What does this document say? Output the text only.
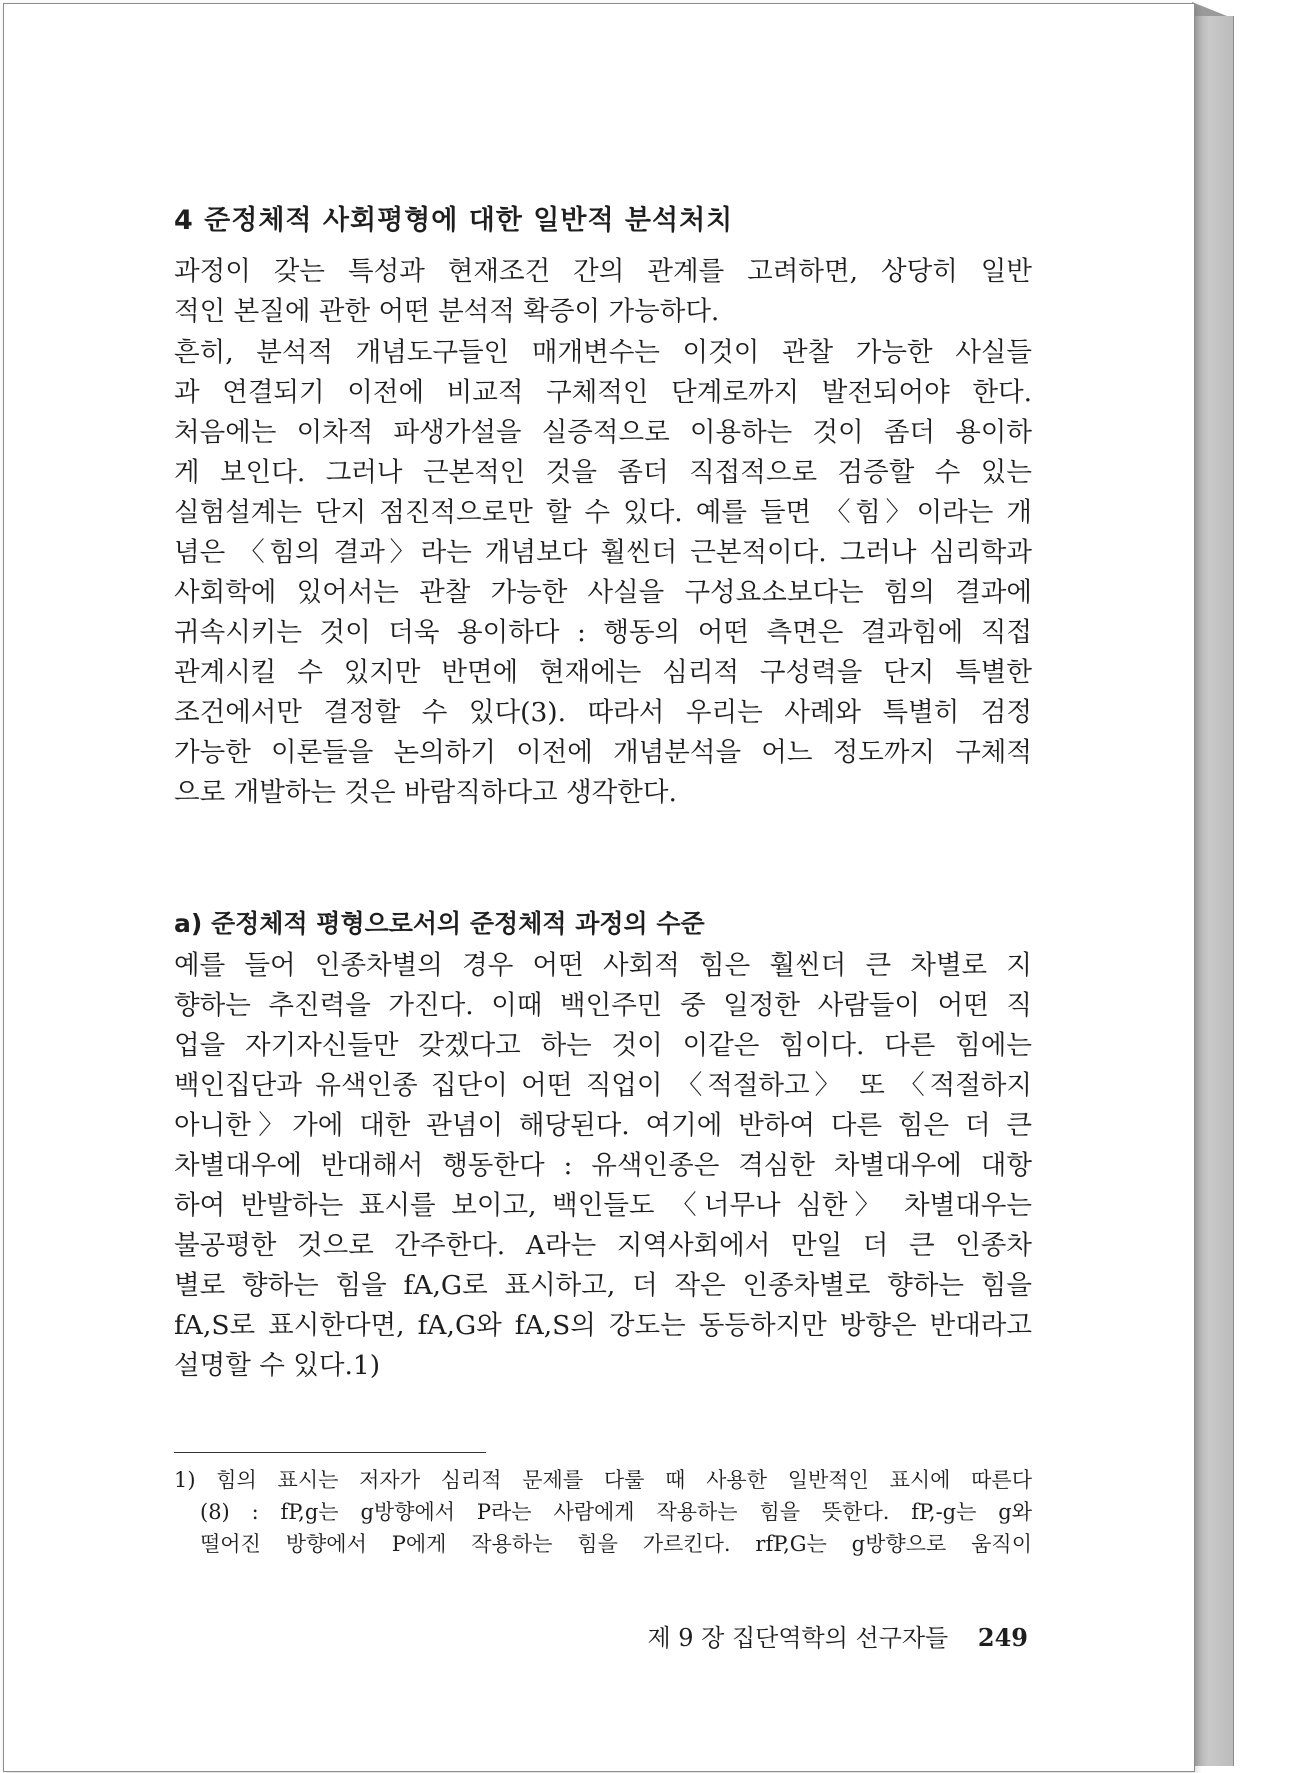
4 준정체적 사회평형에 대한 일반적 분석처치
과정이 갖는 특성과 현재조건 간의 관계를 고려하면, 상당히 일반
적인 본질에 관한 어떤 분석적 확증이 가능하다.
흔히, 분석적 개념도구들인 매개변수는 이것이 관찰 가능한 사실들
과 연결되기 이전에 비교적 구체적인 단계로까지 발전되어야 한다.
처음에는 이차적 파생가설을 실증적으로 이용하는 것이 좀더 용이하
게 보인다. 그러나 근본적인 것을 좀더 직접적으로 검증할 수 있는
실험설계는 단지 점진적으로만 할 수 있다. 예를 들면 〈힘〉이라는 개
념은 〈힘의 결과〉라는 개념보다 훨씬더 근본적이다. 그러나 심리학과
사회학에 있어서는 관찰 가능한 사실을 구성요소보다는 힘의 결과에
귀속시키는 것이 더욱 용이하다 : 행동의 어떤 측면은 결과힘에 직접
관계시킬 수 있지만 반면에 현재에는 심리적 구성력을 단지 특별한
조건에서만 결정할 수 있다(3). 따라서 우리는 사례와 특별히 검정
가능한 이론들을 논의하기 이전에 개념분석을 어느 정도까지 구체적
으로 개발하는 것은 바람직하다고 생각한다.
a) 준정체적 평형으로서의 준정체적 과정의 수준
예를 들어 인종차별의 경우 어떤 사회적 힘은 훨씬더 큰 차별로 지
향하는 추진력을 가진다. 이때 백인주민 중 일정한 사람들이 어떤 직
업을 자기자신들만 갖겠다고 하는 것이 이같은 힘이다. 다른 힘에는
백인집단과 유색인종 집단이 어떤 직업이 〈적절하고〉 또 〈적절하지
아니한〉가에 대한 관념이 해당된다. 여기에 반하여 다른 힘은 더 큰
차별대우에 반대해서 행동한다 : 유색인종은 격심한 차별대우에 대항
하여 반발하는 표시를 보이고, 백인들도 〈너무나 심한〉 차별대우는
불공평한 것으로 간주한다. A라는 지역사회에서 만일 더 큰 인종차
별로 향하는 힘을 fA,G로 표시하고, 더 작은 인종차별로 향하는 힘을
fA,S로 표시한다면, fA,G와 fA,S의 강도는 동등하지만 방향은 반대라고
설명할 수 있다.1)
1) 힘의 표시는 저자가 심리적 문제를 다룰 때 사용한 일반적인 표시에 따른다
(8) : fP,g는 g방향에서 P라는 사람에게 작용하는 힘을 뜻한다. fP,-g는 g와
떨어진 방향에서 P에게 작용하는 힘을 가르킨다. rfP,G는 g방향으로 움직이
제 9 장 집단역학의 선구자들 249
